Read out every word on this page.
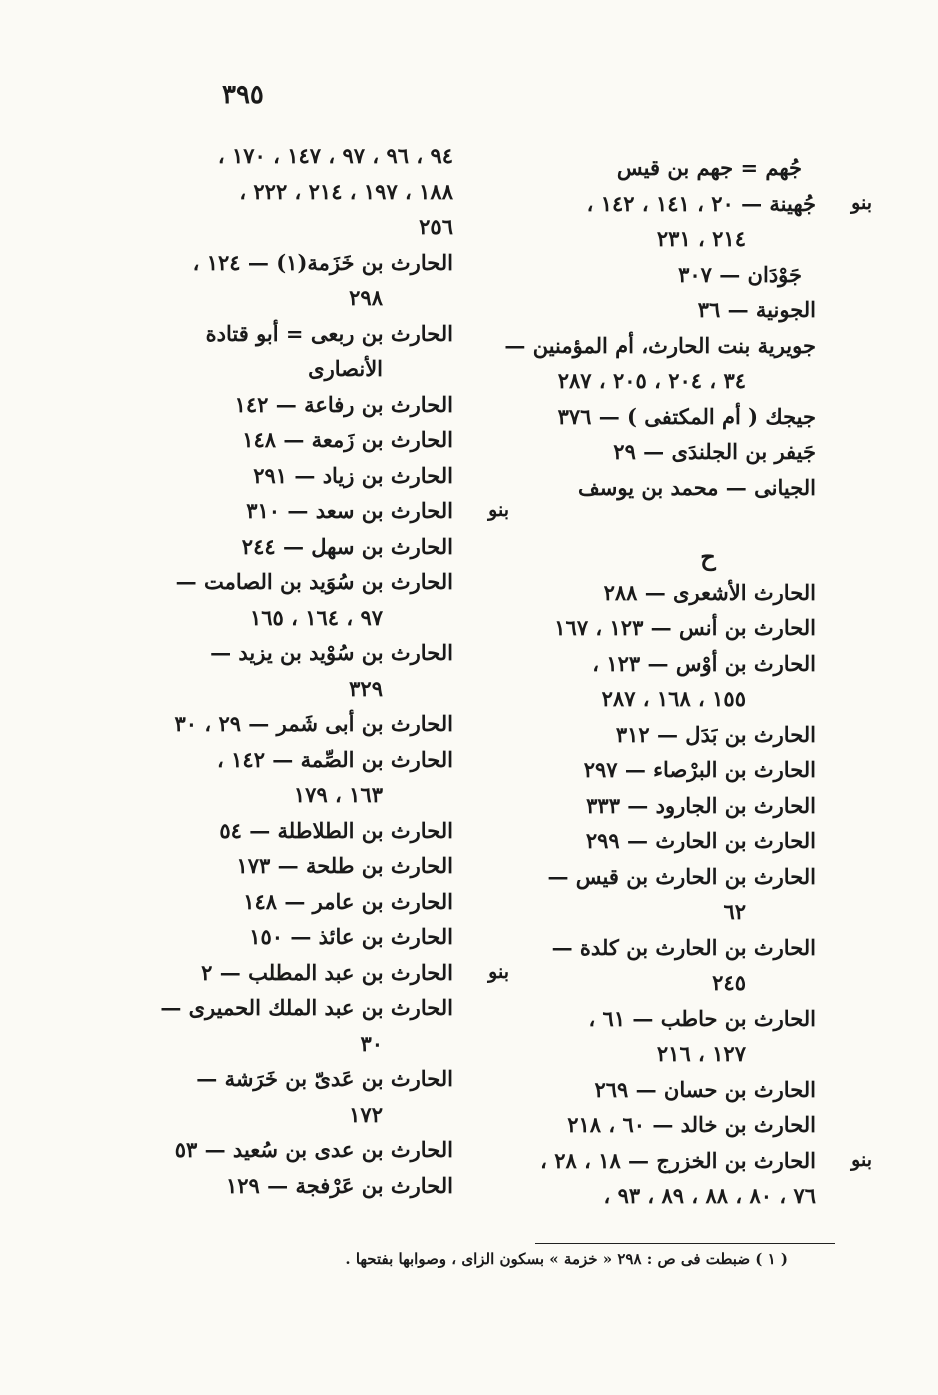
٣٩٥
جُهم = جهم بن قيس
بنو
جُهينة — ٢٠ ، ١٤١ ، ١٤٢ ،
٢١٤ ، ٢٣١
جَوْدَان — ٣٠٧
الجونية — ٣٦
جويرية بنت الحارث، أم المؤمنين —
٣٤ ، ٢٠٤ ، ٢٠٥ ، ٢٨٧
جيجك ( أم المكتفى ) — ٣٧٦
جَيفر بن الجلندَى — ٢٩
الجيانى — محمد بن يوسف
ح
الحارث الأشعرى — ٢٨٨
الحارث بن أنس — ١٢٣ ، ١٦٧
الحارث بن أوْس — ١٢٣ ،
١٥٥ ، ١٦٨ ، ٢٨٧
الحارث بن بَدَل — ٣١٢
الحارث بن البرْصاء — ٢٩٧
الحارث بن الجارود — ٣٣٣
الحارث بن الحارث — ٢٩٩
الحارث بن الحارث بن قيس —
٦٢
الحارث بن الحارث بن كلدة —
٢٤٥
الحارث بن حاطب — ٦١ ،
١٢٧ ، ٢١٦
الحارث بن حسان — ٢٦٩
الحارث بن خالد — ٦٠ ، ٢١٨
بنو
الحارث بن الخزرج — ١٨ ، ٢٨ ،
٧٦ ، ٨٠ ، ٨٨ ، ٨٩ ، ٩٣ ،
٩٤ ، ٩٦ ، ٩٧ ، ١٤٧ ، ١٧٠ ،
١٨٨ ، ١٩٧ ، ٢١٤ ، ٢٢٢ ،
٢٥٦
الحارث بن خَزَمة(١) — ١٢٤ ،
٢٩٨
الحارث بن ربعى = أبو قتادة
الأنصارى
الحارث بن رفاعة — ١٤٢
الحارث بن زَمعة — ١٤٨
الحارث بن زياد — ٢٩١
بنو
الحارث بن سعد — ٣١٠
الحارث بن سهل — ٢٤٤
الحارث بن سُوَيد بن الصامت —
٩٧ ، ١٦٤ ، ١٦٥
الحارث بن سُوْيد بن يزيد —
٣٢٩
الحارث بن أبى شَمر — ٢٩ ، ٣٠
الحارث بن الصِّمة — ١٤٢ ،
١٦٣ ، ١٧٩
الحارث بن الطلاطلة — ٥٤
الحارث بن طلحة — ١٧٣
الحارث بن عامر — ١٤٨
الحارث بن عائذ — ١٥٠
بنو
الحارث بن عبد المطلب — ٢
الحارث بن عبد الملك الحميرى —
٣٠
الحارث بن عَدىّ بن خَرَشة —
١٧٢
الحارث بن عدى بن سُعيد — ٥٣
الحارث بن عَرْفجة — ١٢٩
( ١ ) ضبطت فى ص : ٢٩٨ « خزمة » بسكون الزاى ، وصوابها بفتحها .
